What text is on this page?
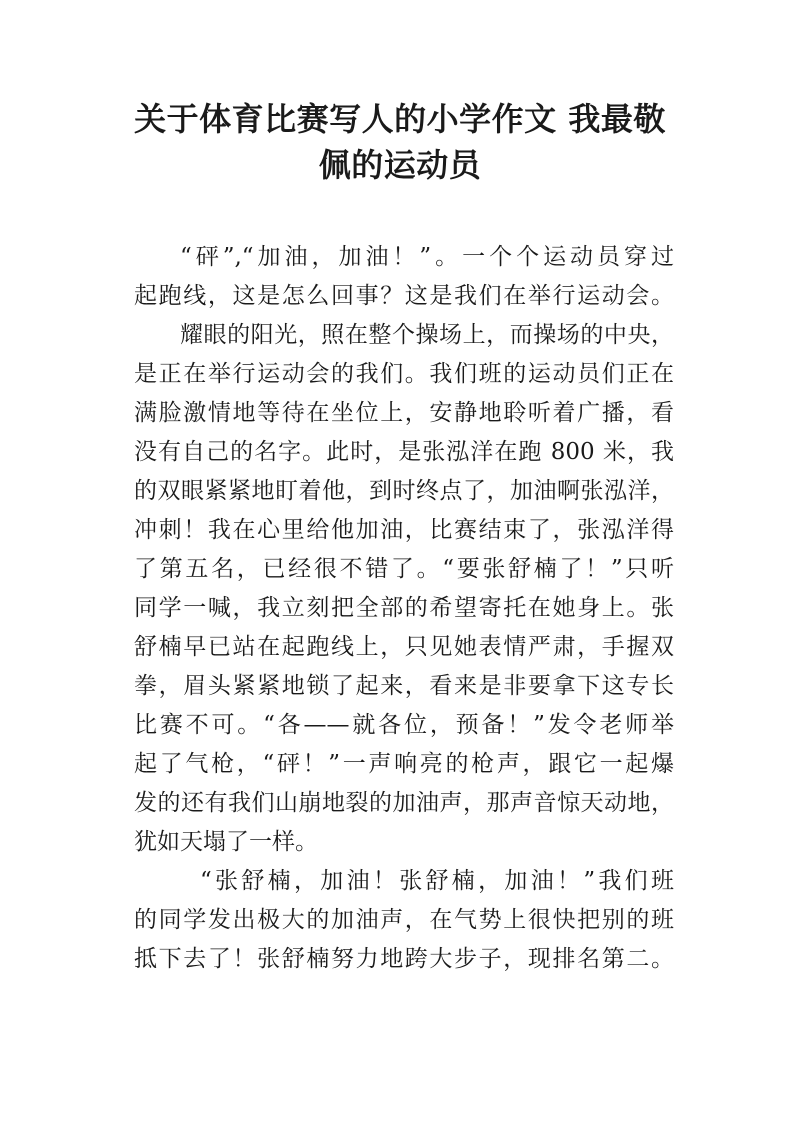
关于体育比赛写人的小学作文 我最敬
佩的运动员
“砰”,“加油，加油！”。一个个运动员穿过
起跑线，这是怎么回事？这是我们在举行运动会。
耀眼的阳光，照在整个操场上，而操场的中央，
是正在举行运动会的我们。我们班的运动员们正在
满脸激情地等待在坐位上，安静地聆听着广播，看
没有自己的名字。此时，是张泓洋在跑 800 米，我
的双眼紧紧地盯着他，到时终点了，加油啊张泓洋，
冲刺！我在心里给他加油，比赛结束了，张泓洋得
了第五名，已经很不错了。“要张舒楠了！”只听
同学一喊，我立刻把全部的希望寄托在她身上。张
舒楠早已站在起跑线上，只见她表情严肃，手握双
拳，眉头紧紧地锁了起来，看来是非要拿下这专长
比赛不可。“各——就各位，预备！”发令老师举
起了气枪，“砰！”一声响亮的枪声，跟它一起爆
发的还有我们山崩地裂的加油声，那声音惊天动地，
犹如天塌了一样。
“张舒楠，加油！张舒楠，加油！”我们班
的同学发出极大的加油声，在气势上很快把别的班
抵下去了！张舒楠努力地跨大步子，现排名第二。
